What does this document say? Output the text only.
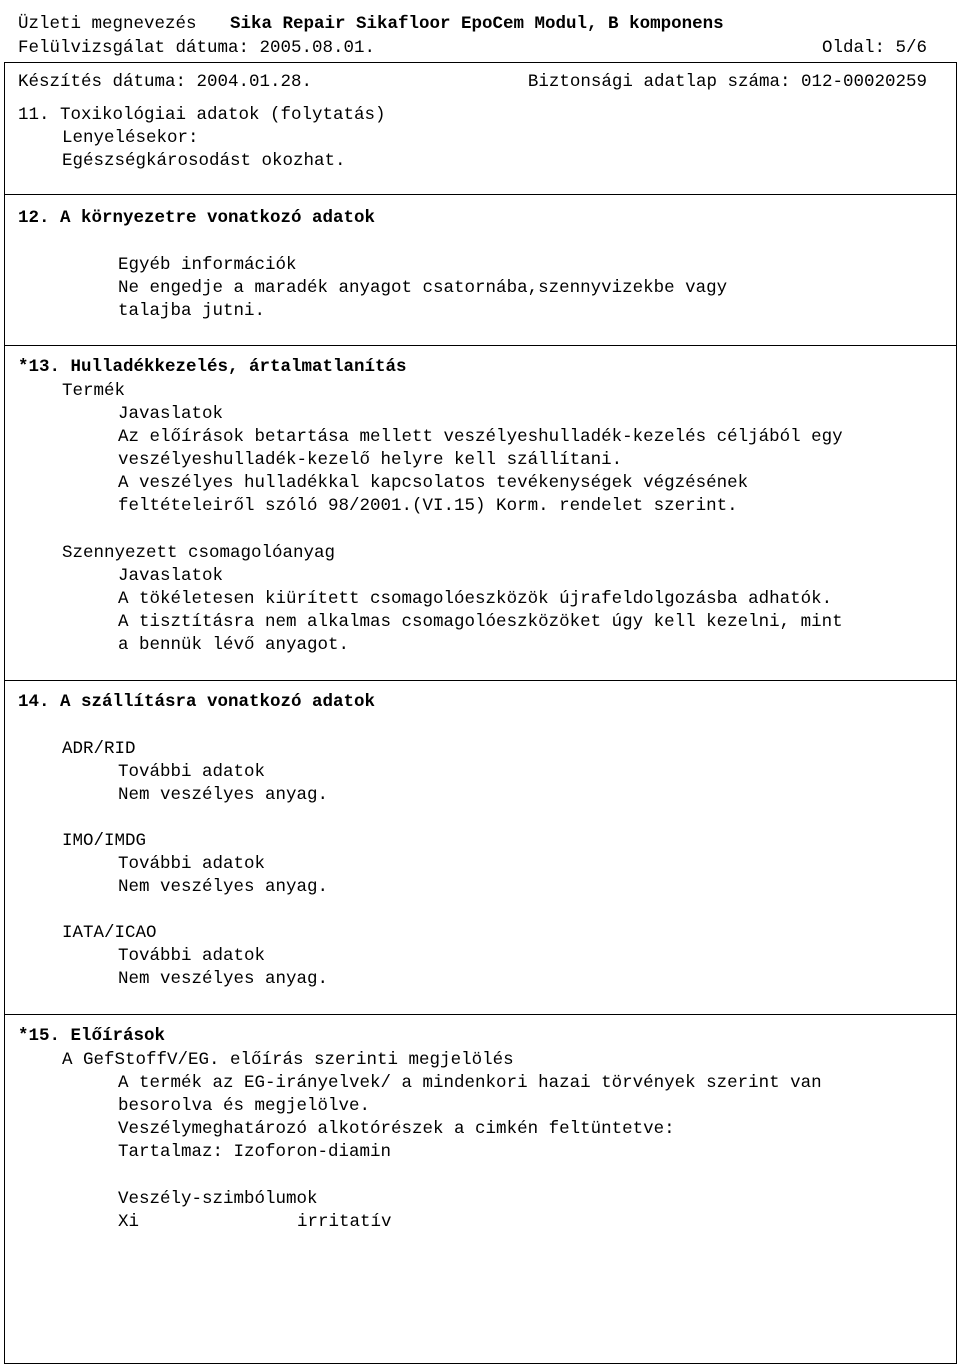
Üzleti megnevezés Sika Repair Sikafloor EpoCem Modul, B komponens
Felülvizsgálat dátuma: 2005.08.01.	Oldal: 5/6
Készítés dátuma: 2004.01.28.	Biztonsági adatlap száma: 012-00020259
11. Toxikológiai adatok (folytatás)
Lenyelésekor:
Egészségkárosodást okozhat.
12. A környezetre vonatkozó adatok
Egyéb információk
Ne engedje a maradék anyagot csatornába,szennyvizekbe vagy
talajba jutni.
*13. Hulladékkezelés, ártalmatlanítás
Termék
Javaslatok
Az előírások betartása mellett veszélyeshulladék-kezelés céljából egy
veszélyeshulladék-kezelő helyre kell szállítani.
A veszélyes hulladékkal kapcsolatos tevékenységek végzésének
feltételeiről szóló 98/2001.(VI.15) Korm. rendelet szerint.
Szennyezett csomagolóanyag
Javaslatok
A tökéletesen kiürített csomagolóeszközök újrafeldolgozásba adhatók.
A tisztításra nem alkalmas csomagolóeszközöket úgy kell kezelni, mint
a bennük lévő anyagot.
14. A szállításra vonatkozó adatok
ADR/RID
További adatok
Nem veszélyes anyag.
IMO/IMDG
További adatok
Nem veszélyes anyag.
IATA/ICAO
További adatok
Nem veszélyes anyag.
*15. Előírások
A GefStoffV/EG. előírás szerinti megjelölés
A termék az EG-irányelvek/ a mindenkori hazai törvények szerint van
besorolva és megjelölve.
Veszélymeghatározó alkotórészek a cimkén feltüntetve:
Tartalmaz: Izoforon-diamin
Veszély-szimbólumok
Xi	irritatív
